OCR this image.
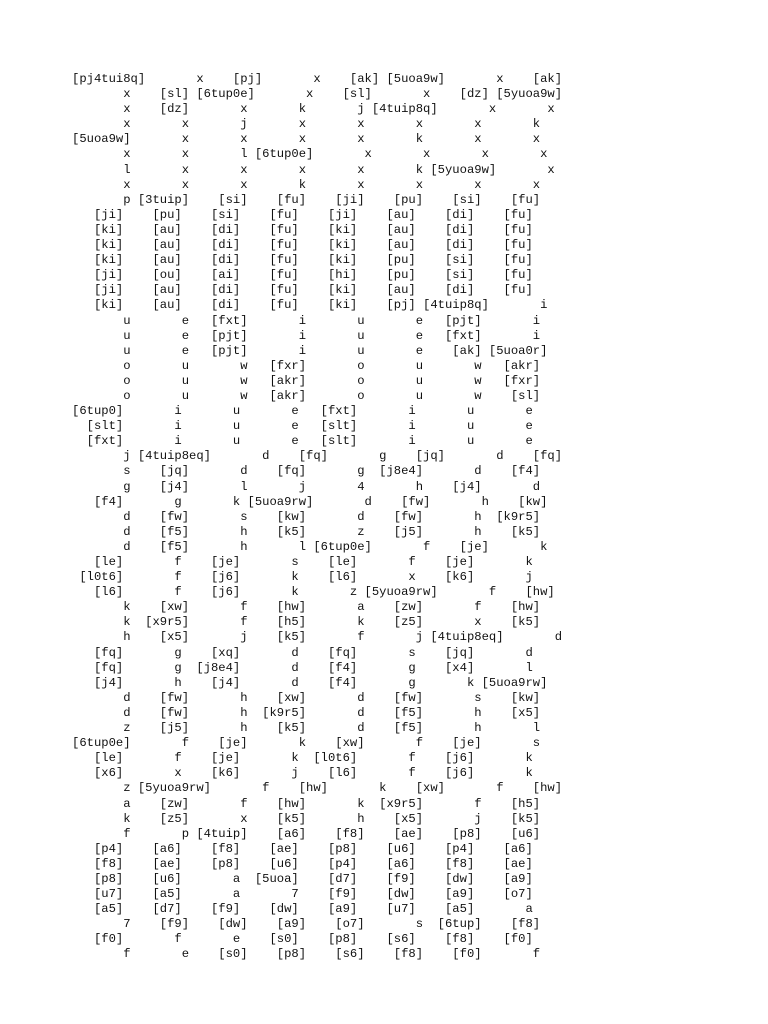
[pj4tui8q]       x    [pj]       x    [ak] [5uoa9w]       x    [ak]
x    [sl] [6tup0e]       x    [sl]       x    [dz] [5yuoa9w]
x    [dz]       x       k       j [4tuip8q]       x       x
x       x       j       x       x       x       x       k
[5uoa9w]       x       x       x       x       k       x       x
x       x       l [6tup0e]       x       x       x       x
l       x       x       x       x       k [5yuoa9w]       x
x       x       x       k       x       x       x       x
p [3tuip]    [si]    [fu]    [ji]    [pu]    [si]    [fu]
[ji]    [pu]    [si]    [fu]    [ji]    [au]    [di]    [fu]
[ki]    [au]    [di]    [fu]    [ki]    [au]    [di]    [fu]
[ki]    [au]    [di]    [fu]    [ki]    [au]    [di]    [fu]
[ki]    [au]    [di]    [fu]    [ki]    [pu]    [si]    [fu]
[ji]    [ou]    [ai]    [fu]    [hi]    [pu]    [si]    [fu]
[ji]    [au]    [di]    [fu]    [ki]    [au]    [di]    [fu]
[ki]    [au]    [di]    [fu]    [ki]    [pj] [4tuip8q]       i
u       e   [fxt]       i       u       e   [pjt]       i
u       e   [pjt]       i       u       e   [fxt]       i
u       e   [pjt]       i       u       e    [ak] [5uoa0r]
o       u       w   [fxr]       o       u       w   [akr]
o       u       w   [akr]       o       u       w   [fxr]
o       u       w   [akr]       o       u       w    [sl]
[6tup0]       i       u       e   [fxt]       i       u       e
[slt]       i       u       e   [slt]       i       u       e
[fxt]       i       u       e   [slt]       i       u       e
j [4tuip8eq]       d    [fq]       g    [jq]       d    [fq]
s    [jq]       d    [fq]       g  [j8e4]       d    [f4]
g    [j4]       l       j       4       h    [j4]       d
[f4]       g       k [5uoa9rw]       d    [fw]       h    [kw]
d    [fw]       s    [kw]       d    [fw]       h  [k9r5]
d    [f5]       h    [k5]       z    [j5]       h    [k5]
d    [f5]       h       l [6tup0e]       f    [je]       k
[le]       f    [je]       s    [le]       f    [je]       k
[l0t6]       f    [j6]       k    [l6]       x    [k6]       j
[l6]       f    [j6]       k       z [5yuoa9rw]       f    [hw]
k    [xw]       f    [hw]       a    [zw]       f    [hw]
k  [x9r5]       f    [h5]       k    [z5]       x    [k5]
h    [x5]       j    [k5]       f       j [4tuip8eq]       d
[fq]       g    [xq]       d    [fq]       s    [jq]       d
[fq]       g  [j8e4]       d    [f4]       g    [x4]       l
[j4]       h    [j4]       d    [f4]       g       k [5uoa9rw]
d    [fw]       h    [xw]       d    [fw]       s    [kw]
d    [fw]       h  [k9r5]       d    [f5]       h    [x5]
z    [j5]       h    [k5]       d    [f5]       h       l
[6tup0e]       f    [je]       k    [xw]       f    [je]       s
[le]       f    [je]       k  [l0t6]       f    [j6]       k
[x6]       x    [k6]       j    [l6]       f    [j6]       k
z [5yuoa9rw]       f    [hw]       k    [xw]       f    [hw]
a    [zw]       f    [hw]       k  [x9r5]       f    [h5]
k    [z5]       x    [k5]       h    [x5]       j    [k5]
f       p [4tuip]    [a6]    [f8]    [ae]    [p8]    [u6]
[p4]    [a6]    [f8]    [ae]    [p8]    [u6]    [p4]    [a6]
[f8]    [ae]    [p8]    [u6]    [p4]    [a6]    [f8]    [ae]
[p8]    [u6]       a  [5uoa]    [d7]    [f9]    [dw]    [a9]
[u7]    [a5]       a       7    [f9]    [dw]    [a9]    [o7]
[a5]    [d7]    [f9]    [dw]    [a9]    [u7]    [a5]       a
7    [f9]    [dw]    [a9]    [o7]       s  [6tup]    [f8]
[f0]       f       e    [s0]    [p8]    [s6]    [f8]    [f0]
f       e    [s0]    [p8]    [s6]    [f8]    [f0]       f
